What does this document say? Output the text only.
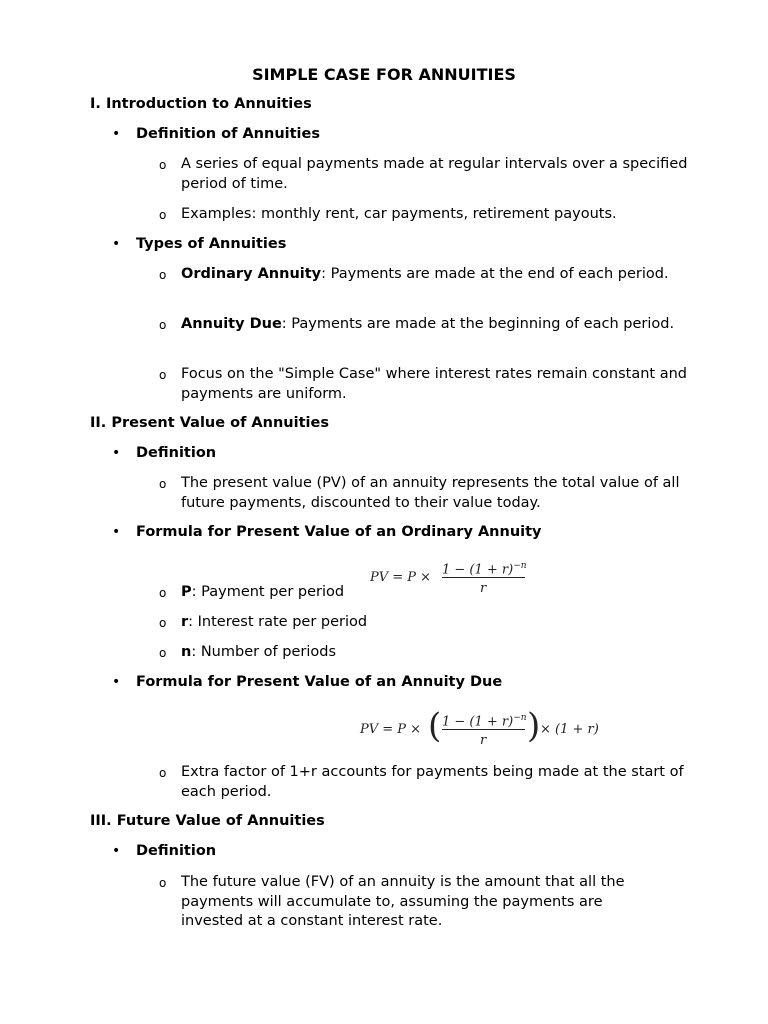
SIMPLE CASE FOR ANNUITIES
I. Introduction to Annuities
• Definition of Annuities
o A series of equal payments made at regular intervals over a specified period of time.
o Examples: monthly rent, car payments, retirement payouts.
• Types of Annuities
o Ordinary Annuity: Payments are made at the end of each period.
o Annuity Due: Payments are made at the beginning of each period.
o Focus on the "Simple Case" where interest rates remain constant and payments are uniform.
II. Present Value of Annuities
• Definition
o The present value (PV) of an annuity represents the total value of all future payments, discounted to their value today.
• Formula for Present Value of an Ordinary Annuity
PV = P ×
$1 - (1 + r)^{-n}$
r
o P: Payment per period
o r: Interest rate per period
o n: Number of periods
• Formula for Present Value of an Annuity Due
PV = P × ( $1 - (1 + r)^{-n}$
r ) × (1 + r)
o Extra factor of 1+r accounts for payments being made at the start of each period.
III. Future Value of Annuities
• Definition
o The future value (FV) of an annuity is the amount that all the payments will accumulate to, assuming the payments are invested at a constant interest rate.
